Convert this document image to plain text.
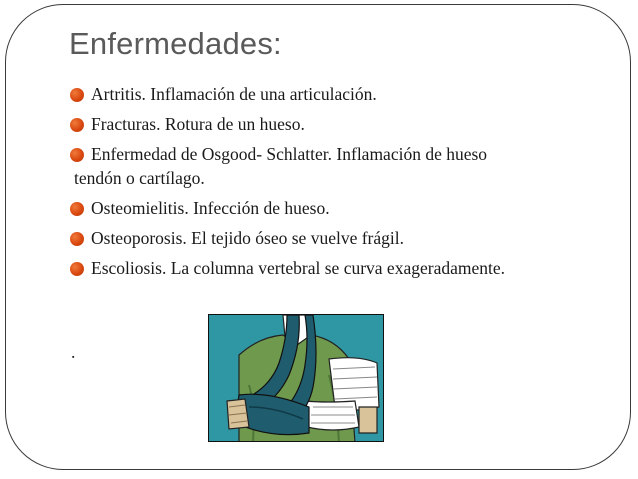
Enfermedades:
Artritis. Inflamación de una articulación.
Fracturas. Rotura de un hueso.
Enfermedad de Osgood- Schlatter. Inflamación de hueso
tendón o cartílago.
Osteomielitis. Infección de hueso.
Osteoporosis. El tejido óseo se vuelve frágil.
Escoliosis. La columna vertebral se curva exageradamente.
.
